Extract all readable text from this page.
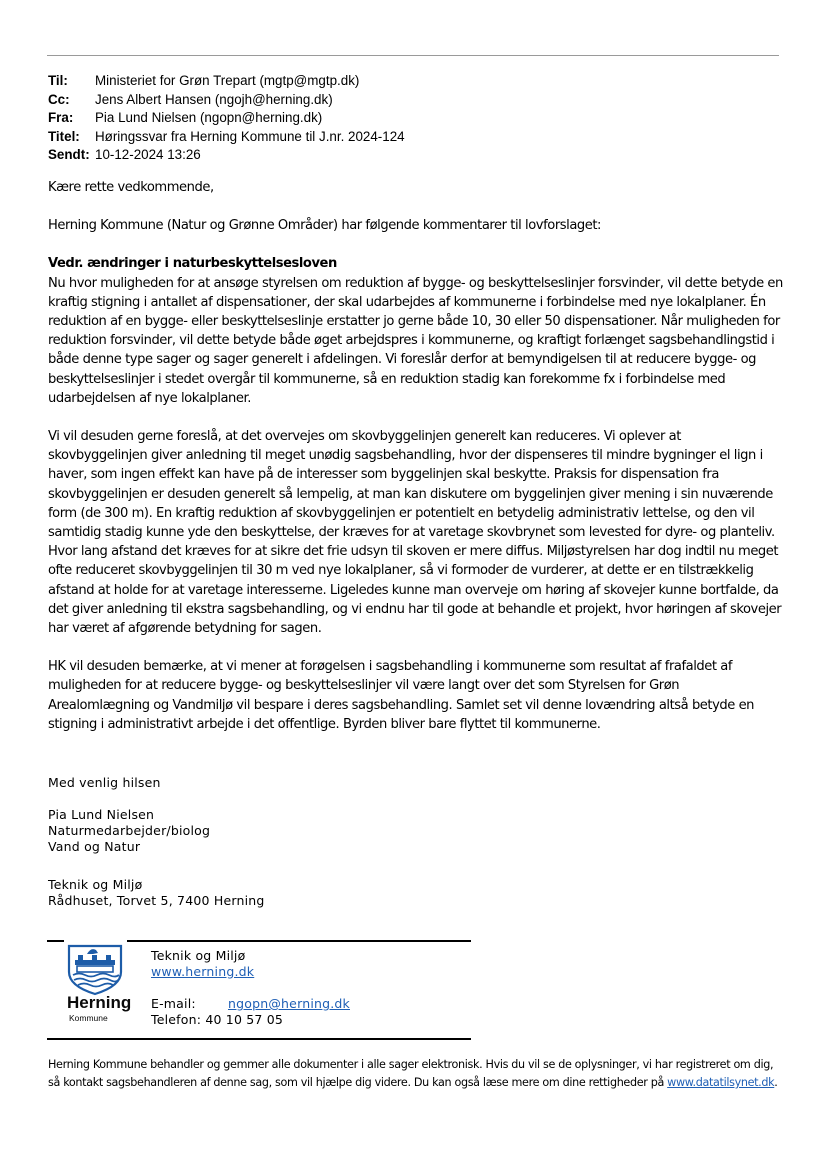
Til:	Ministeriet for Grøn Trepart (mgtp@mgtp.dk)
Cc:	Jens Albert Hansen (ngojh@herning.dk)
Fra:	Pia Lund Nielsen (ngopn@herning.dk)
Titel:	Høringssvar fra Herning Kommune til J.nr. 2024-124
Sendt: 10-12-2024 13:26

Kære rette vedkommende,

Herning Kommune (Natur og Grønne Områder) har følgende kommentarer til lovforslaget:

Vedr. ændringer i naturbeskyttelsesloven

Nu hvor muligheden for at ansøge styrelsen om reduktion af bygge- og beskyttelseslinjer forsvinder, vil dette betyde en kraftig stigning i antallet af dispensationer, der skal udarbejdes af kommunerne i forbindelse med nye lokalplaner. Én reduktion af en bygge- eller beskyttelseslinje erstatter jo gerne både 10, 30 eller 50 dispensationer. Når muligheden for reduktion forsvinder, vil dette betyde både øget arbejdspres i kommunerne, og kraftigt forlænget sagsbehandlingstid i både denne type sager og sager generelt i afdelingen. Vi foreslår derfor at bemyndigelsen til at reducere bygge- og beskyttelseslinjer i stedet overgår til kommunerne, så en reduktion stadig kan forekomme fx i forbindelse med udarbejdelsen af nye lokalplaner.

Vi vil desuden gerne foreslå, at det overvejes om skovbyggelinjen generelt kan reduceres. Vi oplever at skovbyggelinjen giver anledning til meget unødig sagsbehandling, hvor der dispenseres til mindre bygninger el lign i haver, som ingen effekt kan have på de interesser som byggelinjen skal beskytte. Praksis for dispensation fra skovbyggelinjen er desuden generelt så lempelig, at man kan diskutere om byggelinjen giver mening i sin nuværende form (de 300 m). En kraftig reduktion af skovbyggelinjen er potentielt en betydelig administrativ lettelse, og den vil samtidig stadig kunne yde den beskyttelse, der kræves for at varetage skovbrynet som levested for dyre- og planteliv. Hvor lang afstand det kræves for at sikre det frie udsyn til skoven er mere diffus. Miljøstyrelsen har dog indtil nu meget ofte reduceret skovbyggelinjen til 30 m ved nye lokalplaner, så vi formoder de vurderer, at dette er en tilstrækkelig afstand at holde for at varetage interesserne. Ligeledes kunne man overveje om høring af skovejer kunne bortfalde, da det giver anledning til ekstra sagsbehandling, og vi endnu har til gode at behandle et projekt, hvor høringen af skovejer har været af afgørende betydning for sagen.

HK vil desuden bemærke, at vi mener at forøgelsen i sagsbehandling i kommunerne som resultat af frafaldet af muligheden for at reducere bygge- og beskyttelseslinjer vil være langt over det som Styrelsen for Grøn Arealomlægning og Vandmiljø vil bespare i deres sagsbehandling. Samlet set vil denne lovændring altså betyde en stigning i administrativt arbejde i det offentlige. Byrden bliver bare flyttet til kommunerne.

Med venlig hilsen
Pia Lund Nielsen
Naturmedarbejder/biolog
Vand og Natur
Teknik og Miljø
Rådhuset, Torvet 5, 7400 Herning
Herning
Kommune
Teknik og Miljø
www.herning.dk
E-mail:	ngopn@herning.dk
Telefon: 40 10 57 05
Herning Kommune behandler og gemmer alle dokumenter i alle sager elektronisk. Hvis du vil se de oplysninger, vi har registreret om dig, så kontakt sagsbehandleren af denne sag, som vil hjælpe dig videre. Du kan også læse mere om dine rettigheder på www.datatilsynet.dk.
